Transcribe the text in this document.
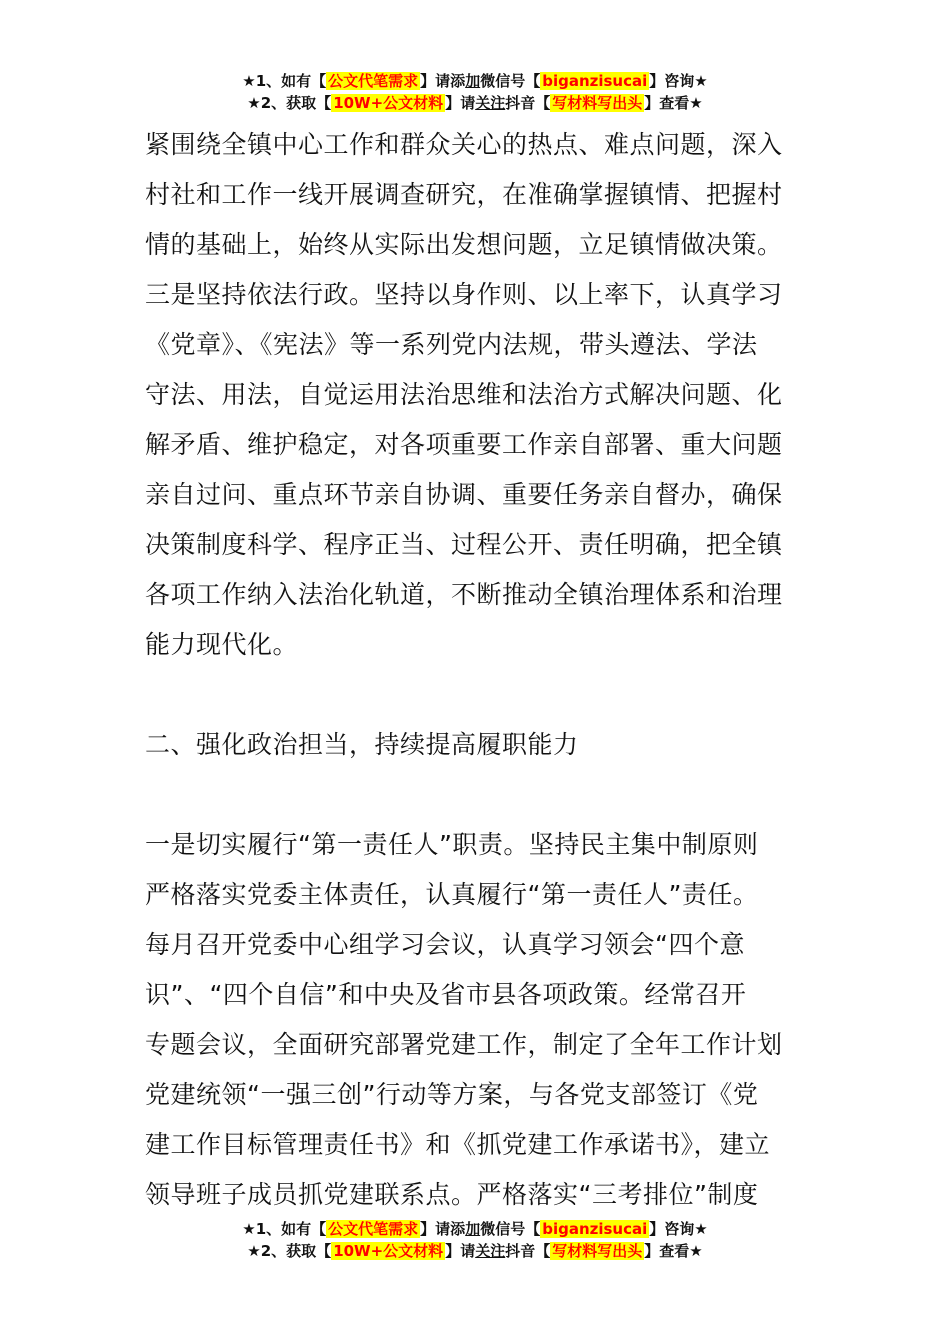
★1、如有【 公文代笔需求 】请添加微信号【 biganzisucai 】咨询★
★2、获取【 10W+公文材料 】请关注抖音【 写材料写出头 】查看★
紧围绕全镇中心工作和群众关心的热点、难点问题，深入
村社和工作一线开展调查研究，在准确掌握镇情、把握村
情的基础上，始终从实际出发想问题，立足镇情做决策。
三是坚持依法行政。坚持以身作则、以上率下，认真学习
《党章》、《宪法》等一系列党内法规，带头遵法、学法
守法、用法，自觉运用法治思维和法治方式解决问题、化
解矛盾、维护稳定，对各项重要工作亲自部署、重大问题
亲自过问、重点环节亲自协调、重要任务亲自督办，确保
决策制度科学、程序正当、过程公开、责任明确，把全镇
各项工作纳入法治化轨道，不断推动全镇治理体系和治理
能力现代化。
二、强化政治担当，持续提高履职能力
一是切实履行“第一责任人”职责。坚持民主集中制原则
严格落实党委主体责任，认真履行“第一责任人”责任。
每月召开党委中心组学习会议，认真学习领会“四个意
识”、“四个自信”和中央及省市县各项政策。经常召开
专题会议，全面研究部署党建工作，制定了全年工作计划
党建统领“一强三创”行动等方案，与各党支部签订《党
建工作目标管理责任书》和《抓党建工作承诺书》，建立
领导班子成员抓党建联系点。严格落实“三考排位”制度
★1、如有【 公文代笔需求 】请添加微信号【 biganzisucai 】咨询★
★2、获取【 10W+公文材料 】请关注抖音【 写材料写出头 】查看★
